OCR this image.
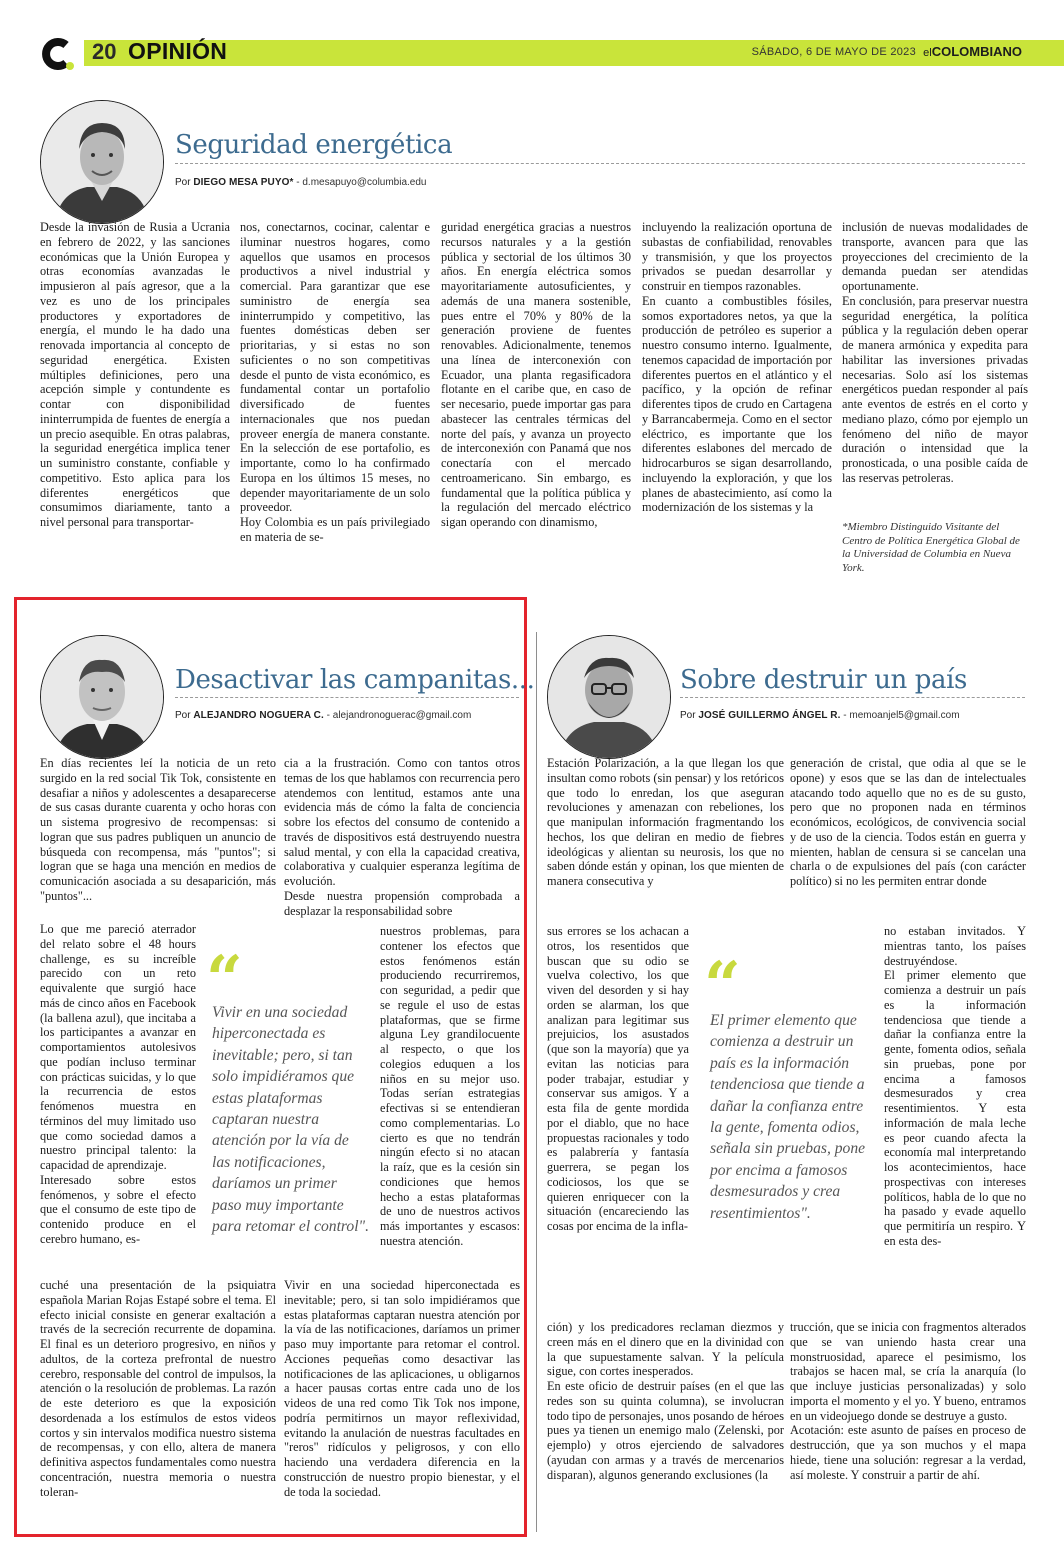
20 OPINIÓN	SÁBADO, 6 DE MAYO DE 2023 elCOLOMBIANO
Seguridad energética
Por DIEGO MESA PUYO* - d.mesapuyo@columbia.edu

Desde la invasión de Rusia a Ucrania en febrero de 2022, y las sanciones económicas que la Unión Europea y otras economías avanzadas le impusieron al país agresor, que a la vez es uno de los principales productores y exportadores de energía, el mundo le ha dado una renovada importancia al concepto de seguridad energética. Existen múltiples definiciones, pero una acepción simple y contundente es contar con disponibilidad ininterrumpida de fuentes de energía a un precio asequible. En otras palabras, la seguridad energética implica tener un suministro constante, confiable y competitivo. Esto aplica para los diferentes energéticos que consumimos diariamente, tanto a nivel personal para transportar-

nos, conectarnos, cocinar, calentar e iluminar nuestros hogares, como aquellos que usamos en procesos productivos a nivel industrial y comercial. Para garantizar que ese suministro de energía sea ininterrumpido y competitivo, las fuentes domésticas deben ser prioritarias, y si estas no son suficientes o no son competitivas desde el punto de vista económico, es fundamental contar un portafolio diversificado de fuentes internacionales que nos puedan proveer energía de manera constante. En la selección de ese portafolio, es importante, como lo ha confirmado Europa en los últimos 15 meses, no depender mayoritariamente de un solo proveedor.
Hoy Colombia es un país privilegiado en materia de se-

guridad energética gracias a nuestros recursos naturales y a la gestión pública y sectorial de los últimos 30 años. En energía eléctrica somos mayoritariamente autosuficientes, y además de una manera sostenible, pues entre el 70% y 80% de la generación proviene de fuentes renovables. Adicionalmente, tenemos una línea de interconexión con Ecuador, una planta regasificadora flotante en el caribe que, en caso de ser necesario, puede importar gas para abastecer las centrales térmicas del norte del país, y avanza un proyecto de interconexión con Panamá que nos conectaría con el mercado centroamericano. Sin embargo, es fundamental que la política pública y la regulación del mercado eléctrico sigan operando con dinamismo,

incluyendo la realización oportuna de subastas de confiabilidad, renovables y transmisión, y que los proyectos privados se puedan desarrollar y construir en tiempos razonables.
En cuanto a combustibles fósiles, somos exportadores netos, ya que la producción de petróleo es superior a nuestro consumo interno. Igualmente, tenemos capacidad de importación por diferentes puertos en el atlántico y el pacífico, y la opción de refinar diferentes tipos de crudo en Cartagena y Barrancabermeja. Como en el sector eléctrico, es importante que los diferentes eslabones del mercado de hidrocarburos se sigan desarrollando, incluyendo la exploración, y que los planes de abastecimiento, así como la modernización de los sistemas y la

inclusión de nuevas modalidades de transporte, avancen para que las proyecciones del crecimiento de la demanda puedan ser atendidas oportunamente.
En conclusión, para preservar nuestra seguridad energética, la política pública y la regulación deben operar de manera armónica y expedita para habilitar las inversiones privadas necesarias. Solo así los sistemas energéticos puedan responder al país ante eventos de estrés en el corto y mediano plazo, cómo por ejemplo un fenómeno del niño de mayor duración o intensidad que la pronosticada, o una posible caída de las reservas petroleras.

*Miembro Distinguido Visitante del Centro de Política Energética Global de la Universidad de Columbia en Nueva York.
Desactivar las campanitas...
Por ALEJANDRO NOGUERA C. - alejandronoguerac@gmail.com

En días recientes leí la noticia de un reto surgido en la red social Tik Tok, consistente en desafiar a niños y adolescentes a desaparecerse de sus casas durante cuarenta y ocho horas con un sistema progresivo de recompensas: si logran que sus padres publiquen un anuncio de búsqueda con recompensa, más "puntos"; si logran que se haga una mención en medios de comunicación asociada a su desaparición, más "puntos"...

Lo que me pareció aterrador del relato sobre el 48 hours challenge, es su increíble parecido con un reto equivalente que surgió hace más de cinco años en Facebook (la ballena azul), que incitaba a los participantes a avanzar en comportamientos autolesivos que podían incluso terminar con prácticas suicidas, y lo que la recurrencia de estos fenómenos muestra en términos del muy limitado uso que como sociedad damos a nuestro principal talento: la capacidad de aprendizaje.
Interesado sobre estos fenómenos, y sobre el efecto que el consumo de este tipo de contenido produce en el cerebro humano, es-

cuché una presentación de la psiquiatra española Marian Rojas Estapé sobre el tema. El efecto inicial consiste en generar exaltación a través de la secreción recurrente de dopamina. El final es un deterioro progresivo, en niños y adultos, de la corteza prefrontal de nuestro cerebro, responsable del control de impulsos, la atención o la resolución de problemas. La razón de este deterioro es que la exposición desordenada a los estímulos de estos videos cortos y sin intervalos modifica nuestro sistema de recompensas, y con ello, altera de manera definitiva aspectos fundamentales como nuestra concentración, nuestra memoria o nuestra toleran-

cia a la frustración. Como con tantos otros temas de los que hablamos con recurrencia pero atendemos con lentitud, estamos ante una evidencia más de cómo la falta de conciencia sobre los efectos del consumo de contenido a través de dispositivos está destruyendo nuestra salud mental, y con ella la capacidad creativa, colaborativa y cualquier esperanza legítima de evolución.
Desde nuestra propensión comprobada a desplazar la responsabilidad sobre

nuestros problemas, para contener los efectos que estos fenómenos están produciendo recurriremos, con seguridad, a pedir que se regule el uso de estas plataformas, que se firme alguna Ley grandilocuente al respecto, o que los colegios eduquen a los niños en su mejor uso. Todas serían estrategias efectivas si se entendieran como complementarias. Lo cierto es que no tendrán ningún efecto si no atacan la raíz, que es la cesión sin condiciones que hemos hecho a estas plataformas de uno de nuestros activos más importantes y escasos: nuestra atención.

Vivir en una sociedad hiperconectada es inevitable; pero, si tan solo impidiéramos que estas plataformas captaran nuestra atención por la vía de las notificaciones, daríamos un primer paso muy importante para retomar el control. Acciones pequeñas como desactivar las notificaciones de las aplicaciones, u obligarnos a hacer pausas cortas entre cada uno de los videos de una red como Tik Tok nos impone, podría permitirnos un mayor reflexividad, evitando la anulación de nuestras facultades en "reros" ridículos y peligrosos, y con ello haciendo una verdadera diferencia en la construcción de nuestro propio bienestar, y el de toda la sociedad.

“
Vivir en una sociedad hiperconectada es inevitable; pero, si tan solo impidiéramos que estas plataformas captaran nuestra atención por la vía de las notificaciones, daríamos un primer paso muy importante para retomar el control".
Sobre destruir un país
Por JOSÉ GUILLERMO ÁNGEL R. - memoanjel5@gmail.com

Estación Polarización, a la que llegan los que insultan como robots (sin pensar) y los retóricos que todo lo enredan, los que aseguran revoluciones y amenazan con rebeliones, los que manipulan información fragmentando los hechos, los que deliran en medio de fiebres ideológicas y alientan su neurosis, los que no saben dónde están y opinan, los que mienten de manera consecutiva y

sus errores se los achacan a otros, los resentidos que buscan que su odio se vuelva colectivo, los que viven del desorden y si hay orden se alarman, los que analizan para legitimar sus prejuicios, los asustados (que son la mayoría) que ya evitan las noticias para poder trabajar, estudiar y conservar sus amigos. Y a esta fila de gente mordida por el diablo, que no hace propuestas racionales y todo es palabrería y fantasía guerrera, se pegan los codiciosos, los que se quieren enriquecer con la situación (encareciendo las cosas por encima de la infla-

ción) y los predicadores reclaman diezmos y creen más en el dinero que en la divinidad con la que supuestamente salvan. Y la película sigue, con cortes inesperados.
En este oficio de destruir países (en el que las redes son su quinta columna), se involucran todo tipo de personajes, unos posando de héroes pues ya tienen un enemigo malo (Zelenski, por ejemplo) y otros ejerciendo de salvadores (ayudan con armas y a través de mercenarios disparan), algunos generando exclusiones (la

generación de cristal, que odia al que se le opone) y esos que se las dan de intelectuales atacando todo aquello que no es de su gusto, pero que no proponen nada en términos económicos, ecológicos, de convivencia social y de uso de la ciencia. Todos están en guerra y mienten, hablan de censura si se cancelan una charla o de expulsiones del país (con carácter político) si no les permiten entrar donde

no estaban invitados. Y mientras tanto, los países destruyéndose.
El primer elemento que comienza a destruir un país es la información tendenciosa que tiende a dañar la confianza entre la gente, fomenta odios, señala sin pruebas, pone por encima a famosos desmesurados y crea resentimientos. Y esta información de mala leche es peor cuando afecta la economía mal interpretando los acontecimientos, hace prospectivas con intereses políticos, habla de lo que no ha pasado y evade aquello que permitiría un respiro. Y en esta des-

trucción, que se inicia con fragmentos alterados que se van uniendo hasta crear una monstruosidad, aparece el pesimismo, los trabajos se hacen mal, se cría la anarquía (lo que incluye justicias personalizadas) y solo importa el momento y el yo. Y bueno, entramos en un videojuego donde se destruye a gusto.
Acotación: este asunto de países en proceso de destrucción, que ya son muchos y el mapa hiede, tiene una solución: regresar a la verdad, así moleste. Y construir a partir de ahí.

“
El primer elemento que comienza a destruir un país es la información tendenciosa que tiende a dañar la confianza entre la gente, fomenta odios, señala sin pruebas, pone por encima a famosos desmesurados y crea resentimientos".
